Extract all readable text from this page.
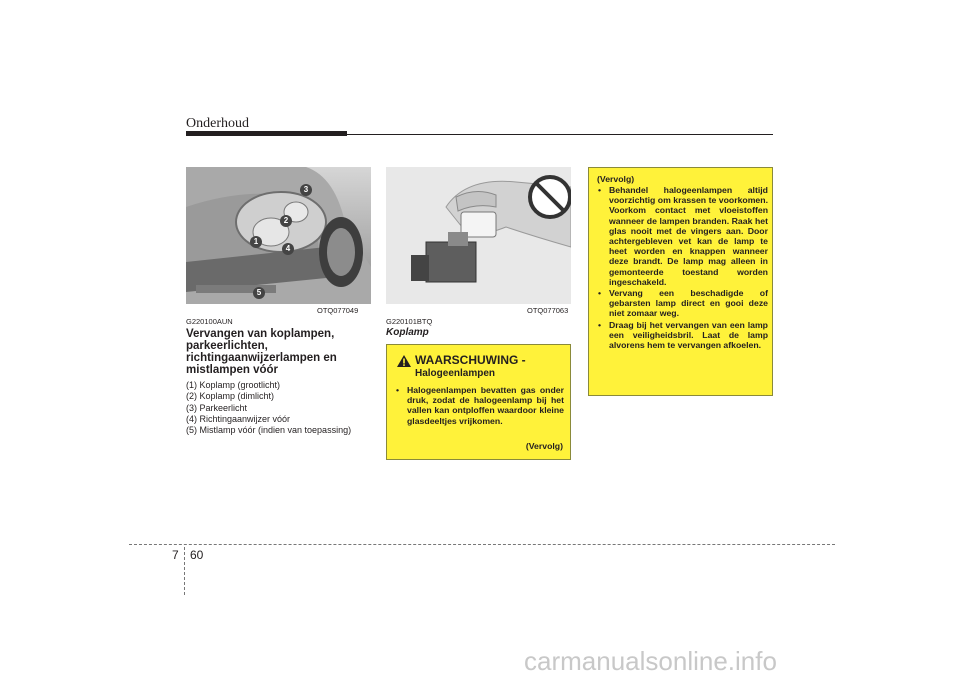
Onderhoud
3
2
1
4
5
OTQ077049	OTQ077063
G220100AUN
Vervangen van koplampen, parkeerlichten, richtingaanwijzerlampen en mistlampen vóór
(1) Koplamp (grootlicht)
(2) Koplamp (dimlicht)
(3) Parkeerlicht
(4) Richtingaanwijzer vóór
(5) Mistlamp vóór (indien van toepassing)
G220101BTQ
Koplamp
WAARSCHUWING -
Halogeenlampen
• Halogeenlampen bevatten gas onder druk, zodat de halogeenlamp bij het vallen kan ontploffen waardoor kleine glasdeeltjes vrijkomen.
(Vervolg)
(Vervolg)
• Behandel halogeenlampen altijd voorzichtig om krassen te voorkomen. Voorkom contact met vloeistoffen wanneer de lampen branden. Raak het glas nooit met de vingers aan. Door achtergebleven vet kan de lamp te heet worden en knappen wanneer deze brandt. De lamp mag alleen in gemonteerde toestand worden ingeschakeld.
• Vervang een beschadigde of gebarsten lamp direct en gooi deze niet zomaar weg.
• Draag bij het vervangen van een lamp een veiligheidsbril. Laat de lamp alvorens hem te vervangen afkoelen.
7 60
carmanualsonline.info
